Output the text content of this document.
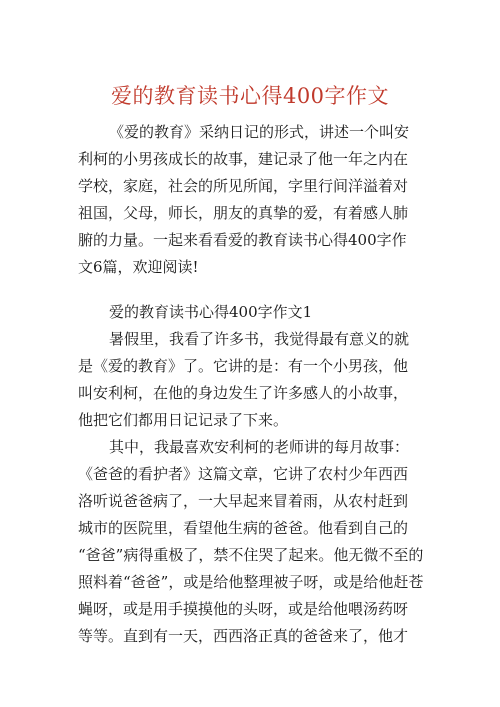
爱的教育读书心得400字作文
《爱的教育》采纳日记的形式，讲述一个叫安
利柯的小男孩成长的故事，建记录了他一年之内在
学校，家庭，社会的所见所闻，字里行间洋溢着对
祖国，父母，师长，朋友的真挚的爱，有着感人肺
腑的力量。一起来看看爱的教育读书心得400字作
文6篇，欢迎阅读!

爱的教育读书心得400字作文1

暑假里，我看了许多书，我觉得最有意义的就
是《爱的教育》了。它讲的是：有一个小男孩，他
叫安利柯，在他的身边发生了许多感人的小故事，
他把它们都用日记记录了下来。
其中，我最喜欢安利柯的老师讲的每月故事：
《爸爸的看护者》这篇文章，它讲了农村少年西西
洛听说爸爸病了，一大早起来冒着雨，从农村赶到
城市的医院里，看望他生病的爸爸。他看到自己的
“爸爸”病得重极了，禁不住哭了起来。他无微不至的
照料着“爸爸”，或是给他整理被子呀，或是给他赶苍
蝇呀，或是用手摸摸他的头呀，或是给他喂汤药呀
等等。直到有一天，西西洛正真的爸爸来了，他才
